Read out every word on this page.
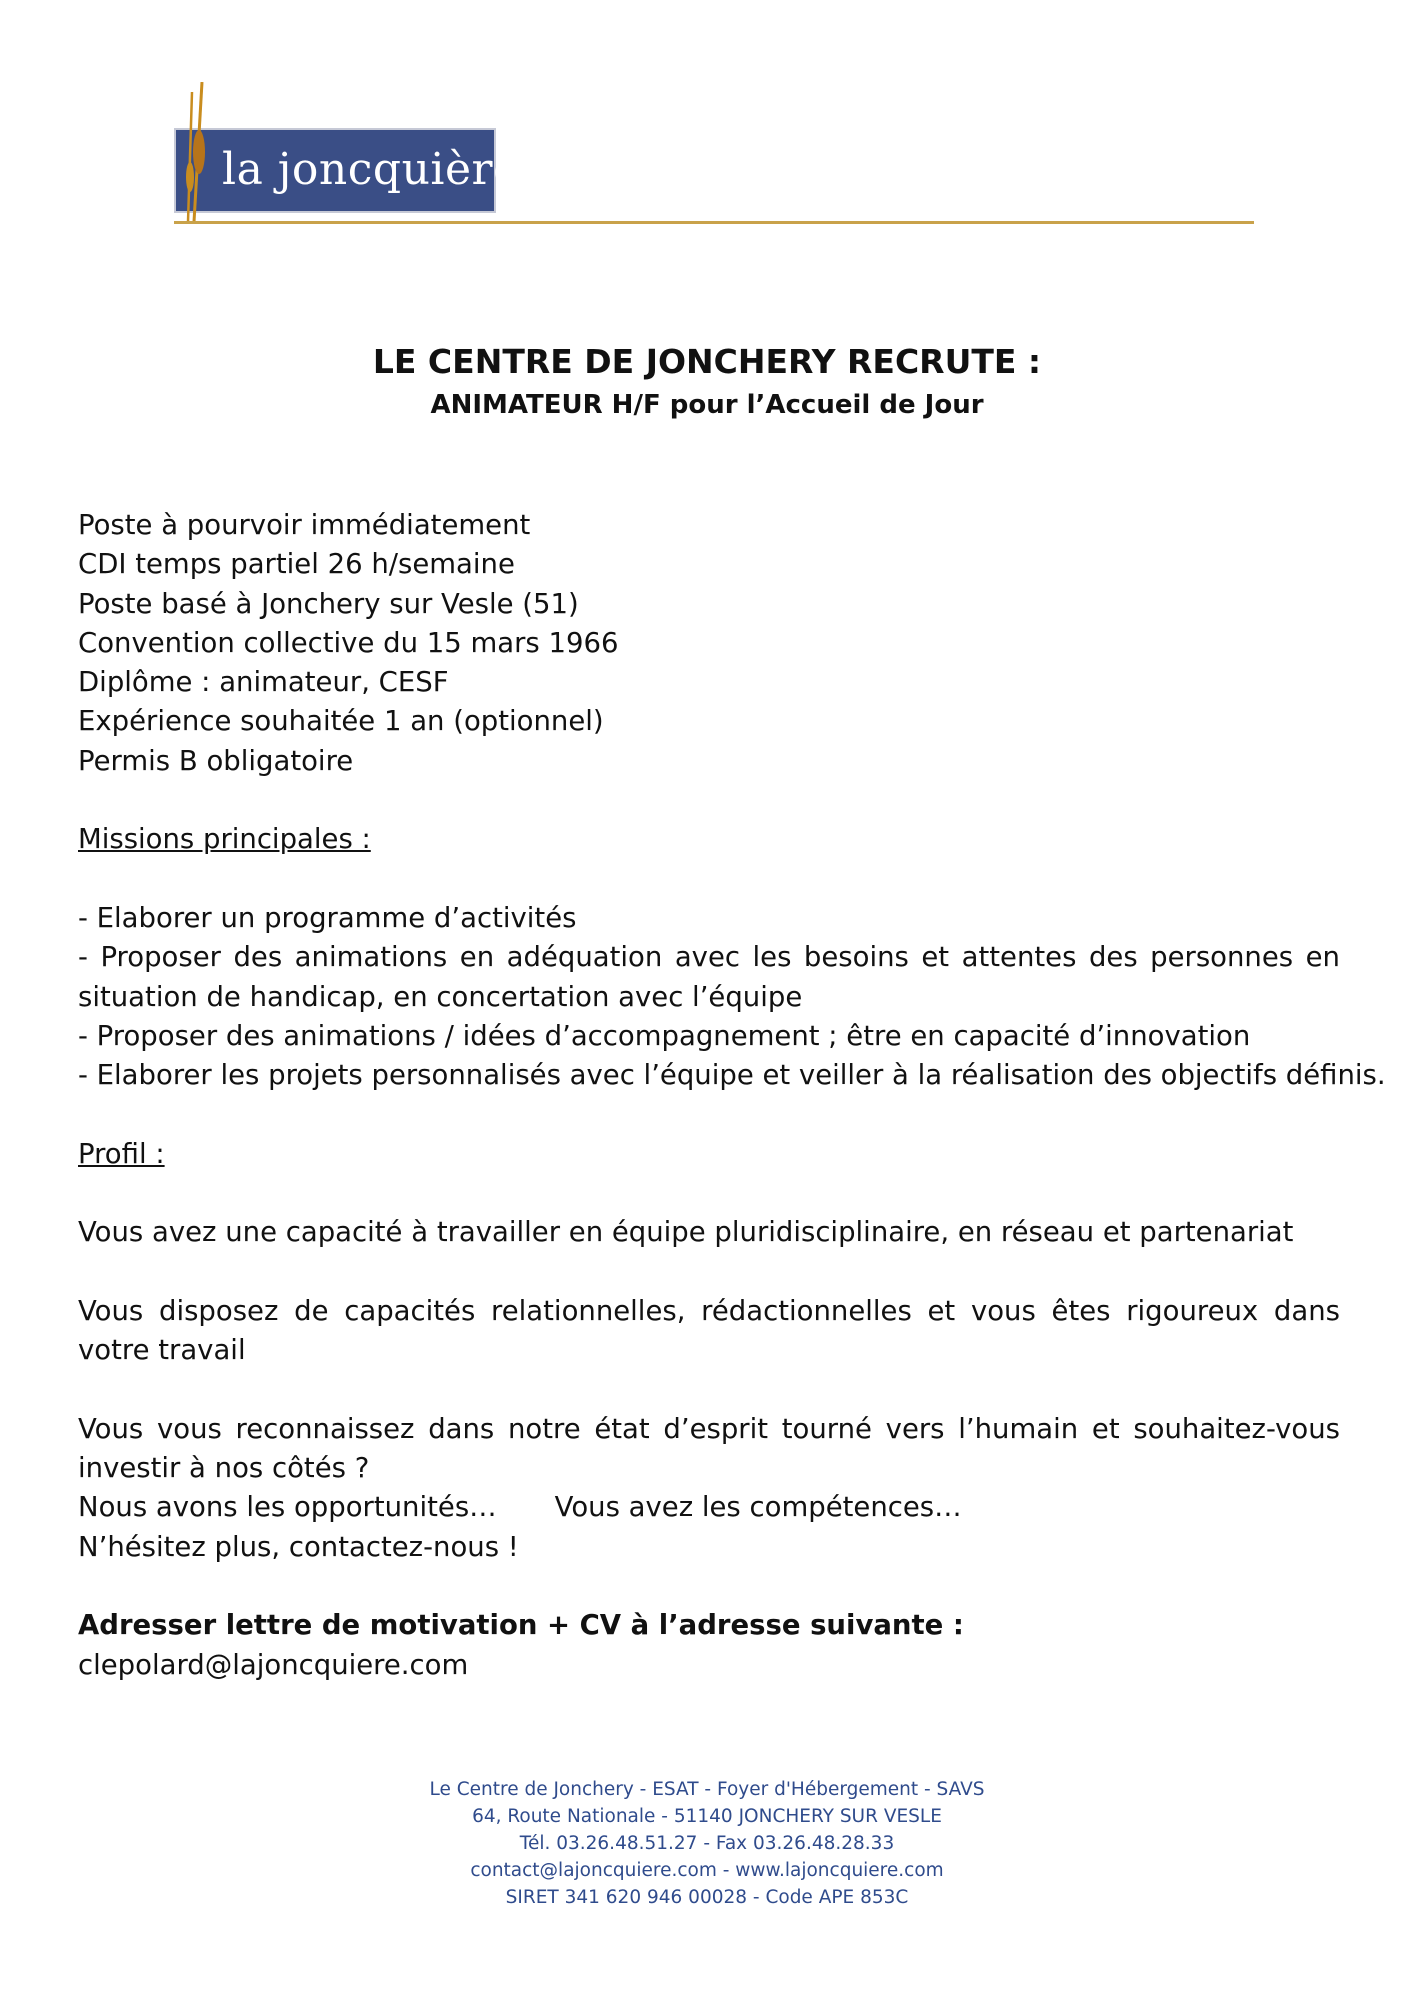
la joncquière
LE CENTRE DE JONCHERY RECRUTE :
ANIMATEUR H/F pour l’Accueil de Jour
Poste à pourvoir immédiatement
CDI temps partiel 26 h/semaine
Poste basé à Jonchery sur Vesle (51)
Convention collective du 15 mars 1966
Diplôme : animateur, CESF
Expérience souhaitée 1 an (optionnel)
Permis B obligatoire
Missions principales :
- Elaborer un programme d’activités
- Proposer des animations en adéquation avec les besoins et attentes des personnes en situation de handicap, en concertation avec l’équipe
- Proposer des animations / idées d’accompagnement ; être en capacité d’innovation
- Elaborer les projets personnalisés avec l’équipe et veiller à la réalisation des objectifs définis.
Profil :
Vous avez une capacité à travailler en équipe pluridisciplinaire, en réseau et partenariat
Vous disposez de capacités relationnelles, rédactionnelles et vous êtes rigoureux dans votre travail
Vous vous reconnaissez dans notre état d’esprit tourné vers l’humain et souhaitez-vous investir à nos côtés ?
Nous avons les opportunités… Vous avez les compétences…
N’hésitez plus, contactez-nous !
Adresser lettre de motivation + CV à l’adresse suivante :
clepolard@lajoncquiere.com
Le Centre de Jonchery - ESAT - Foyer d'Hébergement - SAVS
64, Route Nationale - 51140 JONCHERY SUR VESLE
Tél. 03.26.48.51.27 - Fax 03.26.48.28.33
contact@lajoncquiere.com - www.lajoncquiere.com
SIRET 341 620 946 00028 - Code APE 853C
